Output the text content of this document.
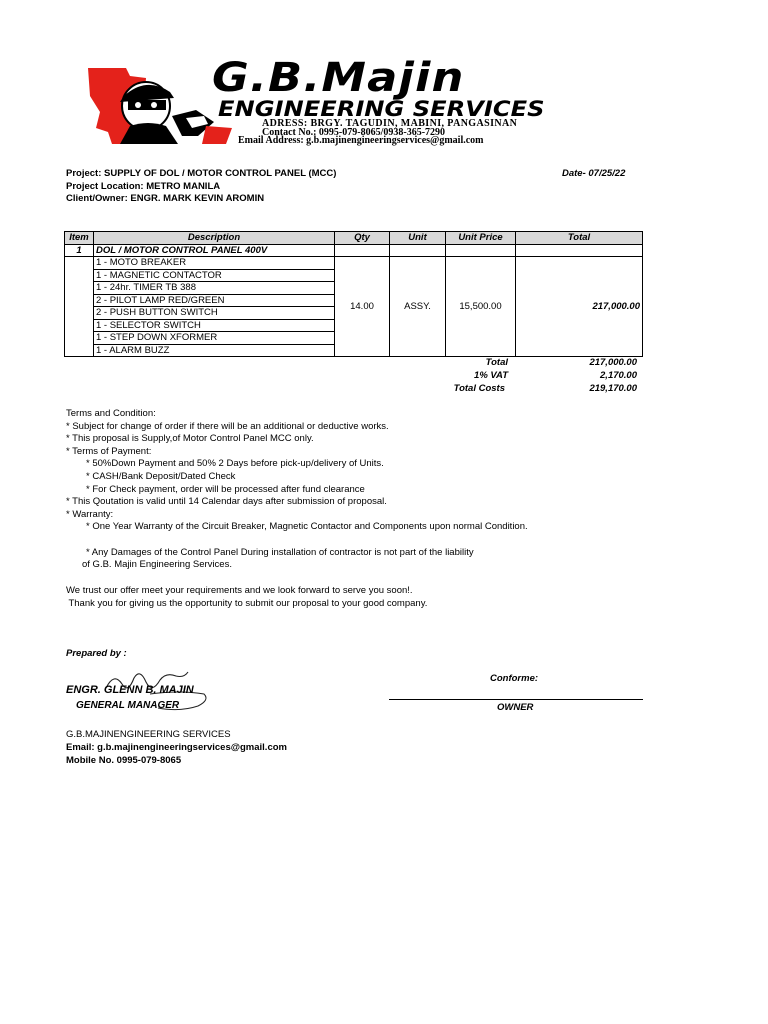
G.B.Majin
ENGINEERING SERVICES
ADRESS: BRGY. TAGUDIN, MABINI, PANGASINAN
Contact No.: 0995-079-8065/0938-365-7290
Email Address: g.b.majinengineeringservices@gmail.com
Project: SUPPLY OF DOL / MOTOR CONTROL PANEL (MCC)
Project Location: METRO MANILA
Client/Owner: ENGR. MARK KEVIN AROMIN
Date- 07/25/22
Item	Description	Qty	Unit	Unit Price	Total
1	DOL / MOTOR CONTROL PANEL 400V				
	1 - MOTO BREAKER	14.00	ASSY.	15,500.00	217,000.00
	1 - MAGNETIC CONTACTOR				
	1 - 24hr. TIMER TB 388				
	2 - PILOT LAMP RED/GREEN				
	2 - PUSH BUTTON SWITCH				
	1 - SELECTOR SWITCH				
	1 - STEP DOWN XFORMER				
	1 - ALARM BUZZ				
Total	217,000.00
1% VAT	2,170.00
Total Costs	219,170.00
Terms and Condition:
* Subject for change of order if there will be an additional or deductive works.
* This proposal is Supply,of Motor Control Panel MCC only.
* Terms of Payment:
* 50%Down Payment and 50% 2 Days before pick-up/delivery of Units.
* CASH/Bank Deposit/Dated Check
* For Check payment, order will be processed after fund clearance
* This Qoutation is valid until 14 Calendar days after submission of proposal.
* Warranty:
* One Year Warranty of the Circuit Breaker, Magnetic Contactor and Components upon normal Condition.
* Any Damages of the Control Panel During installation of contractor is not part of the liability
of G.B. Majin Engineering Services.
We trust our offer meet your requirements and we look forward to serve you soon!.
Thank you for giving us the opportunity to submit our proposal to your good company.
Prepared by :
ENGR. GLENN B. MAJIN
GENERAL MANAGER
Conforme:
OWNER
G.B.MAJINENGINEERING SERVICES
Email: g.b.majinengineeringservices@gmail.com
Mobile No. 0995-079-8065
